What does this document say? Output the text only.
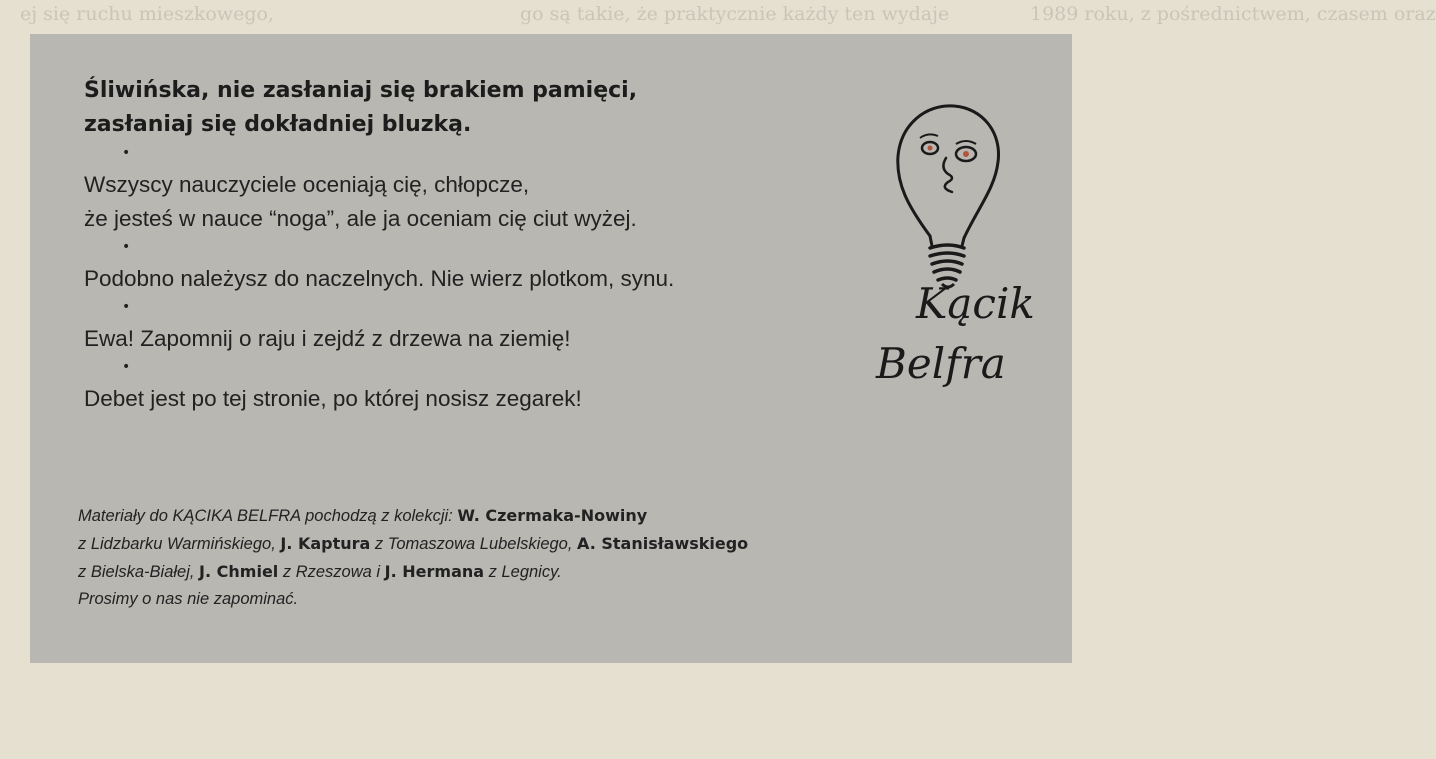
ej się ruchu mieszkowego,	go są takie, że praktycznie każdy ten wydaje	1989 roku, z pośrednictwem, czasem oraz

Śliwińska, nie zasłaniaj się brakiem pamięci,

zasłaniaj się dokładniej bluzką.

•

Wszyscy nauczyciele oceniają cię, chłopcze,

że jesteś w nauce “noga”, ale ja oceniam cię ciut wyżej.

•

Podobno należysz do naczelnych. Nie wierz plotkom, synu.

•

Ewa! Zapomnij o raju i zejdź z drzewa na ziemię!

•

Debet jest po tej stronie, po której nosisz zegarek!

Materiały do KĄCIKA BELFRA pochodzą z kolekcji: W. Czermaka-Nowiny
z Lidzbarku Warmińskiego, J. Kaptura z Tomaszowa Lubelskiego, A. Stanisławskiego
z Bielska-Białej, J. Chmiel z Rzeszowa i J. Hermana z Legnicy.
Prosimy o nas nie zapominać.
Kącik
Belfra
